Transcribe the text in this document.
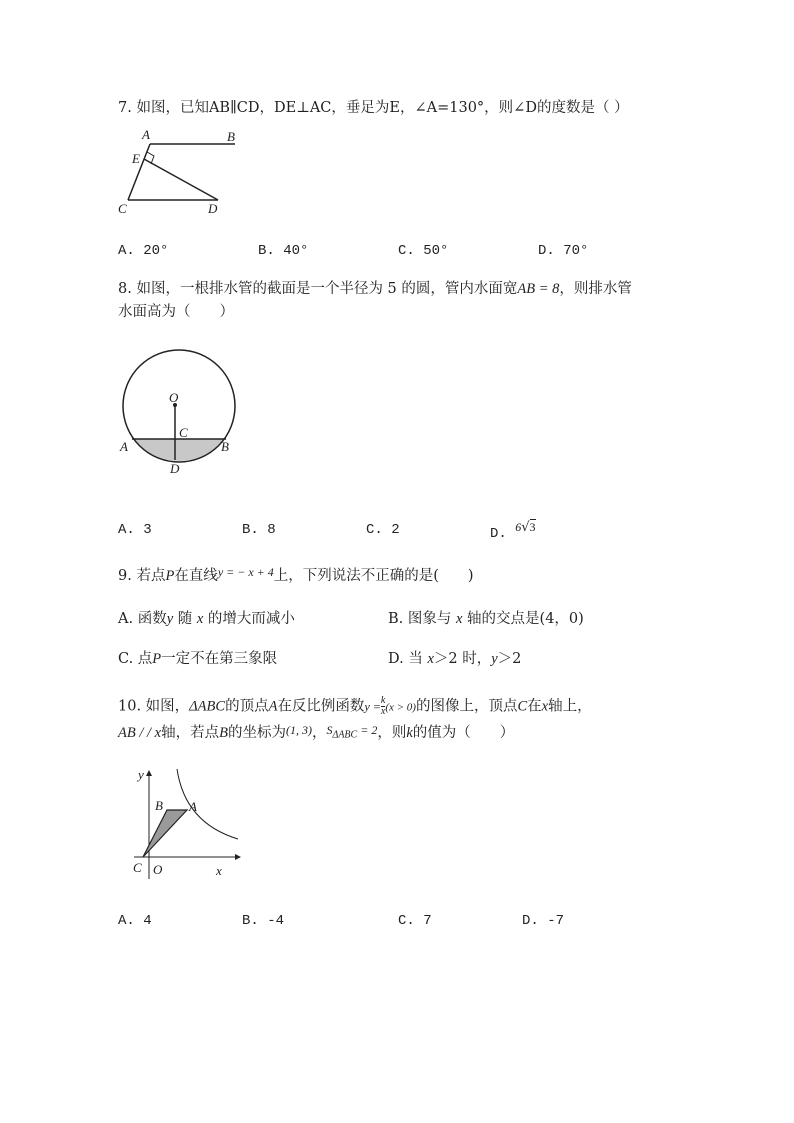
7. 如图，已知AB∥CD，DE⊥AC，垂足为E，∠A=130°，则∠D的度数是（ ）
A	B
E
C	D
A. 20°	B. 40°	C. 50°	D. 70°
8. 如图，一根排水管的截面是一个半径为 5 的圆，管内水面宽AB = 8，则排水管
水面高为（　　）
O
C
A	B
D
A. 3	B. 8	C. 2	D. 6√3
9. 若点P在直线$^{y = - x + 4}$上，下列说法不正确的是(　　)
A. 函数y 随 x 的增大而减小	B. 图象与 x 轴的交点是(4，0)
C. 点P一定不在第三象限	D. 当 x＞2 时，y＞2
10. 如图，ΔABC的顶点A在反比例函数$y = \frac{k}{x} (x > 0)$的图像上，顶点C在x轴上，
AB / / x轴，若点B的坐标为$^{(1, 3)}$，$^{S_{\Delta ABC} = 2}$，则k的值为（　　）
y
x
B A
C O
A. 4	B. -4	C. 7	D. -7
